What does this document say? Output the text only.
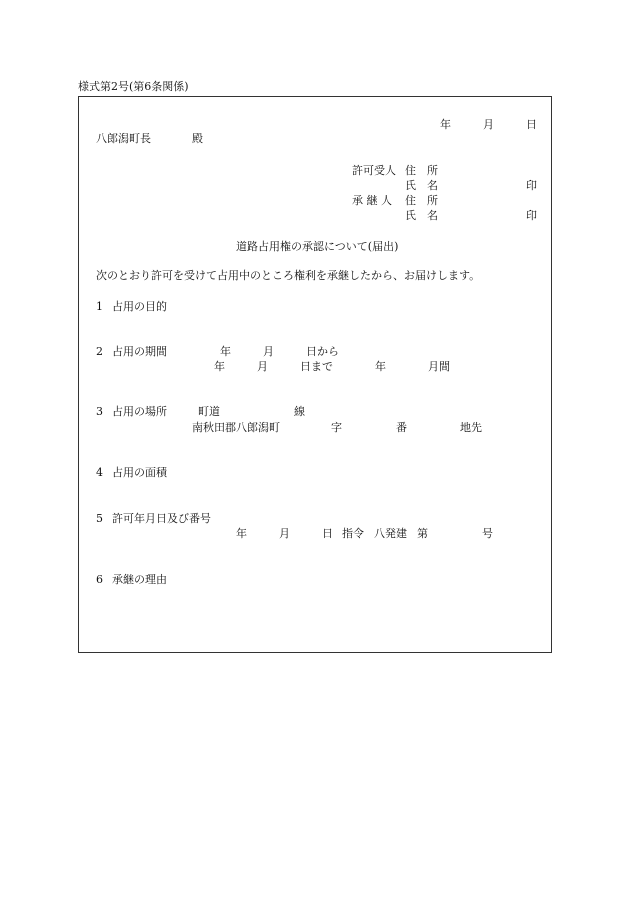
様式第2号(第6条関係)
年	月	日
八郎潟町長	殿
許可受人 住　所
氏　名	印
承 継 人 住　所
氏　名	印
道路占用権の承認について(届出)
次のとおり許可を受けて占用中のところ権利を承継したから、お届けします。
1 占用の目的
2 占用の期間	年	月	日から
年	月	日まで	年	月間
3 占用の場所	町道	線
南秋田郡八郎潟町	字	番	地先
4 占用の面積
5 許可年月日及び番号
年	月	日 指令 八発建 第	号
6 承継の理由
